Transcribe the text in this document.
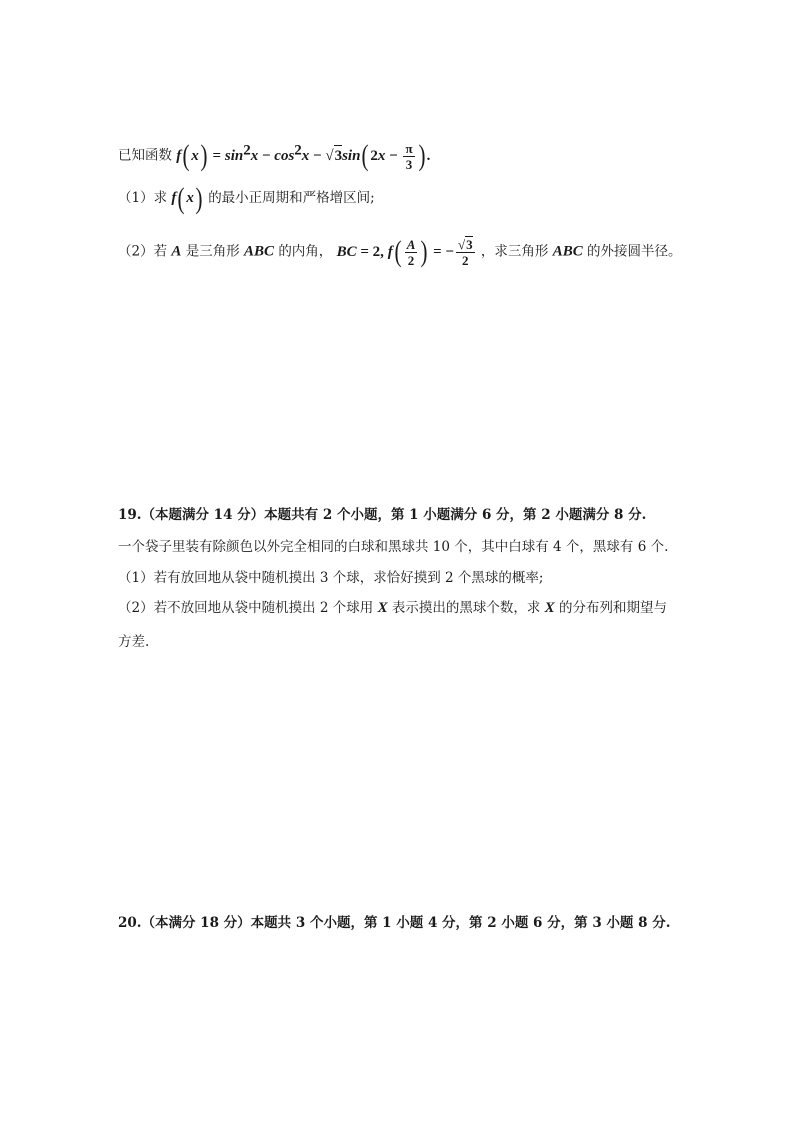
已知函数 f( $x) = \sin^2x - \cos^2x - √3\sin$( $2x - \frac{\pi}{3}$ ) .
（1）求 f( x) 的最小正周期和严格增区间;
（2）若 A 是三角形 ABC 的内角， BC = 2, $f( \frac{A}{2}$ ) = − $\frac{√3}{2}$ ，求三角形 ABC 的外接圆半径。
19.（本题满分 14 分）本题共有 2 个小题，第 1 小题满分 6 分，第 2 小题满分 8 分.
一个袋子里装有除颜色以外完全相同的白球和黑球共 10 个，其中白球有 4 个，黑球有 6 个.
（1）若有放回地从袋中随机摸出 3 个球，求恰好摸到 2 个黑球的概率;
（2）若不放回地从袋中随机摸出 2 个球用 X 表示摸出的黑球个数，求 X 的分布列和期望与
方差.
20.（本满分 18 分）本题共 3 个小题，第 1 小题 4 分，第 2 小题 6 分，第 3 小题 8 分.
